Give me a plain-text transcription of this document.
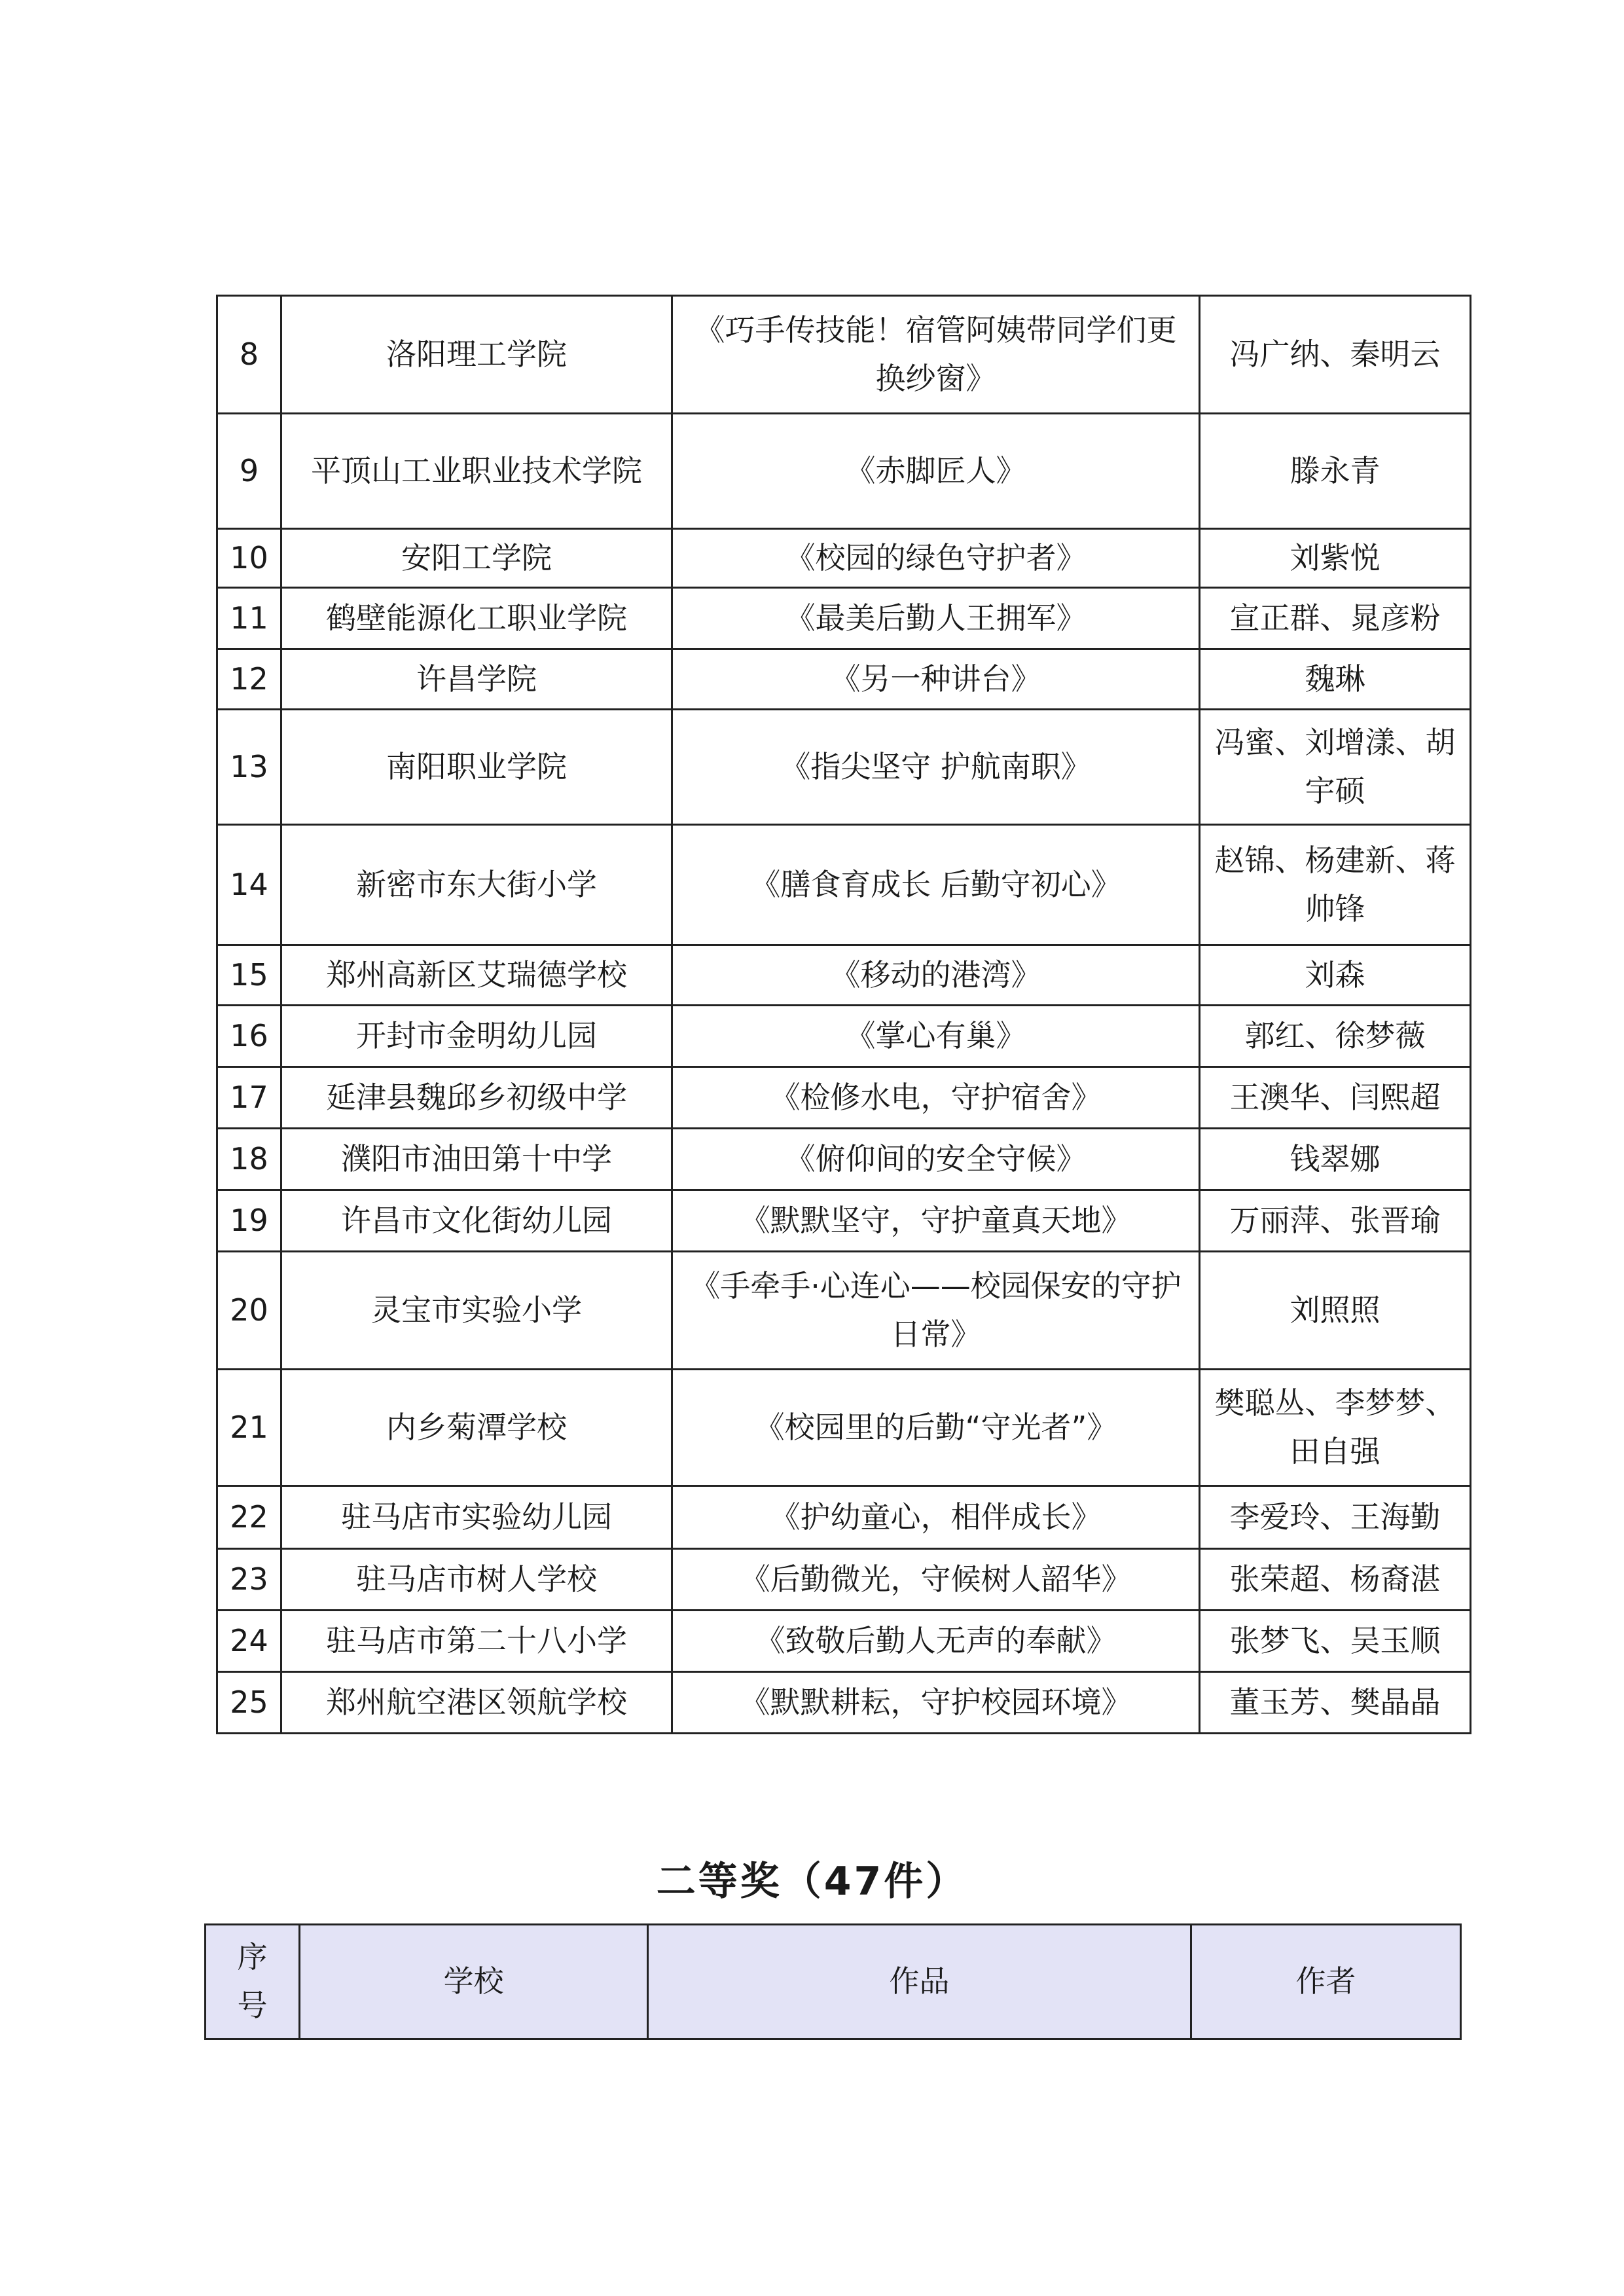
8	洛阳理工学院	《巧手传技能！宿管阿姨带同学们更换纱窗》	冯广纳、秦明云
9	平顶山工业职业技术学院	《赤脚匠人》	滕永青
10	安阳工学院	《校园的绿色守护者》	刘紫悦
11	鹤壁能源化工职业学院	《最美后勤人王拥军》	宣正群、晁彦粉
12	许昌学院	《另一种讲台》	魏琳
13	南阳职业学院	《指尖坚守 护航南职》	冯蜜、刘增漾、胡宇硕
14	新密市东大街小学	《膳食育成长 后勤守初心》	赵锦、杨建新、蒋帅锋
15	郑州高新区艾瑞德学校	《移动的港湾》	刘森
16	开封市金明幼儿园	《掌心有巢》	郭红、徐梦薇
17	延津县魏邱乡初级中学	《检修水电，守护宿舍》	王澳华、闫熙超
18	濮阳市油田第十中学	《俯仰间的安全守候》	钱翠娜
19	许昌市文化街幼儿园	《默默坚守，守护童真天地》	万丽萍、张晋瑜
20	灵宝市实验小学	《手牵手·心连心——校园保安的守护日常》	刘照照
21	内乡菊潭学校	《校园里的后勤“守光者”》	樊聪丛、李梦梦、田自强
22	驻马店市实验幼儿园	《护幼童心，相伴成长》	李爱玲、王海勤
23	驻马店市树人学校	《后勤微光，守候树人韶华》	张荣超、杨裔湛
24	驻马店市第二十八小学	《致敬后勤人无声的奉献》	张梦飞、吴玉顺
25	郑州航空港区领航学校	《默默耕耘，守护校园环境》	董玉芳、樊晶晶
二等奖（47件）
序号	学校	作品	作者
